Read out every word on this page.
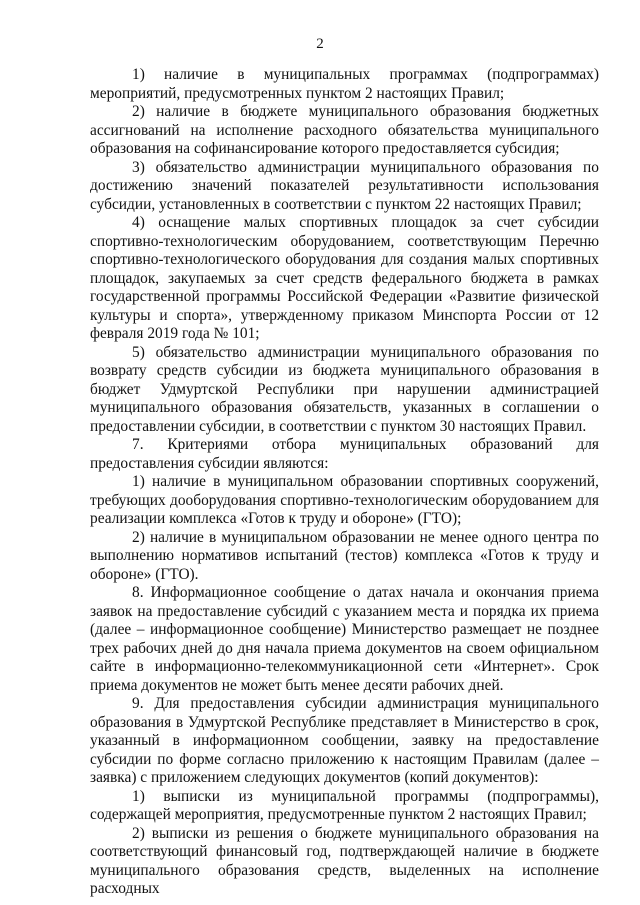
2

1) наличие в муниципальных программах (подпрограммах) мероприятий, предусмотренных пунктом 2 настоящих Правил;

2) наличие в бюджете муниципального образования бюджетных ассигнований на исполнение расходного обязательства муниципального образования на софинансирование которого предоставляется субсидия;

3) обязательство администрации муниципального образования по достижению значений показателей результативности использования субсидии, установленных в соответствии с пунктом 22 настоящих Правил;

4) оснащение малых спортивных площадок за счет субсидии спортивно-технологическим оборудованием, соответствующим Перечню спортивно-технологического оборудования для создания малых спортивных площадок, закупаемых за счет средств федерального бюджета в рамках государственной программы Российской Федерации «Развитие физической культуры и спорта», утвержденному приказом Минспорта России от 12 февраля 2019 года № 101;

5) обязательство администрации муниципального образования по возврату средств субсидии из бюджета муниципального образования в бюджет Удмуртской Республики при нарушении администрацией муниципального образования обязательств, указанных в соглашении о предоставлении субсидии, в соответствии с пунктом 30 настоящих Правил.

7. Критериями отбора муниципальных образований для предоставления субсидии являются:

1) наличие в муниципальном образовании спортивных сооружений, требующих дооборудования спортивно-технологическим оборудованием для реализации комплекса «Готов к труду и обороне» (ГТО);

2) наличие в муниципальном образовании не менее одного центра по выполнению нормативов испытаний (тестов) комплекса «Готов к труду и обороне» (ГТО).

8. Информационное сообщение о датах начала и окончания приема заявок на предоставление субсидий с указанием места и порядка их приема (далее – информационное сообщение) Министерство размещает не позднее трех рабочих дней до дня начала приема документов на своем официальном сайте в информационно-телекоммуникационной сети «Интернет». Срок приема документов не может быть менее десяти рабочих дней.

9. Для предоставления субсидии администрация муниципального образования в Удмуртской Республике представляет в Министерство в срок, указанный в информационном сообщении, заявку на предоставление субсидии по форме согласно приложению к настоящим Правилам (далее – заявка) с приложением следующих документов (копий документов):

1) выписки из муниципальной программы (подпрограммы), содержащей мероприятия, предусмотренные пунктом 2 настоящих Правил;

2) выписки из решения о бюджете муниципального образования на соответствующий финансовый год, подтверждающей наличие в бюджете муниципального образования средств, выделенных на исполнение расходных
